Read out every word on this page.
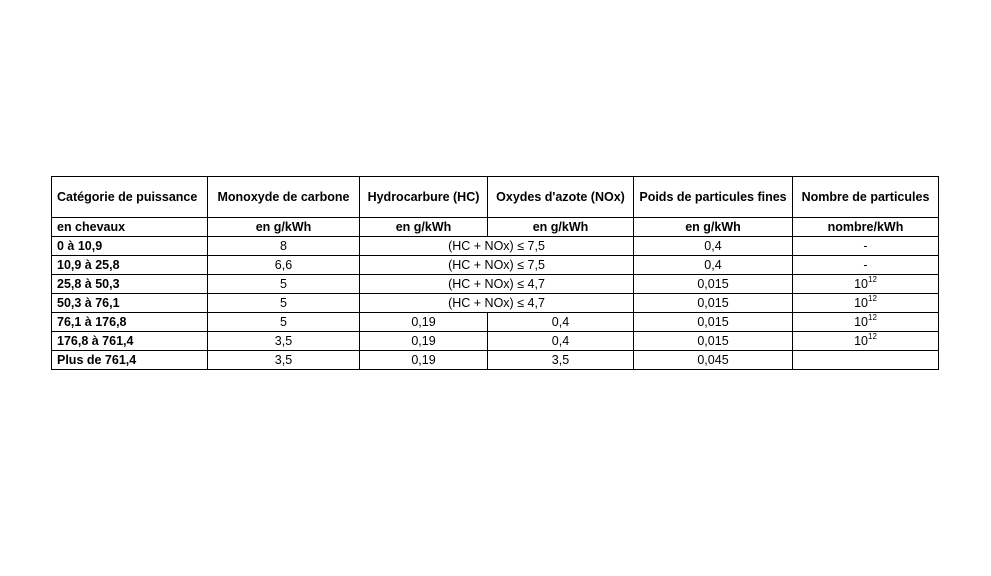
Catégorie de puissance	Monoxyde de carbone	Hydrocarbure (HC)	Oxydes d'azote (NOx)	Poids de particules fines	Nombre de particules
en chevaux	en g/kWh	en g/kWh	en g/kWh	en g/kWh	nombre/kWh
0 à 10,9	8	(HC + NOx) ≤ 7,5		0,4	-
10,9 à 25,8	6,6	(HC + NOx) ≤ 7,5		0,4	-
25,8 à 50,3	5	(HC + NOx) ≤ 4,7		0,015	$10^{12}$
50,3 à 76,1	5	(HC + NOx) ≤ 4,7		0,015	$10^{12}$
76,1 à 176,8	5	0,19	0,4	0,015	$10^{12}$
176,8 à 761,4	3,5	0,19	0,4	0,015	$10^{12}$
Plus de 761,4	3,5	0,19	3,5	0,045	
